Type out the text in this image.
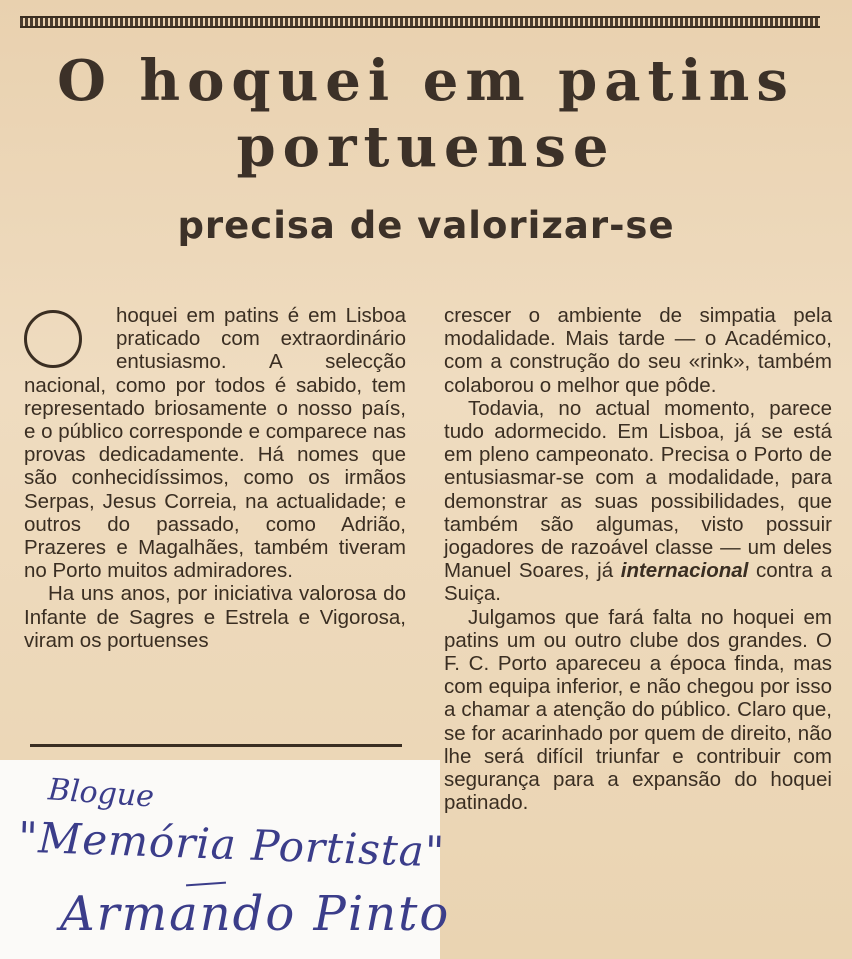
O hoquei em patins
portuense
precisa de valorizar-se

hoquei em patins é em Lisboa praticado com extraordinário entusiasmo. A selecção nacional, como por todos é sabido, tem representado briosamente o nosso país, e o público corresponde e comparece nas provas dedicadamente. Há nomes que são conhecidíssimos, como os irmãos Serpas, Jesus Correia, na actualidade; e outros do passado, como Adrião, Prazeres e Magalhães, também tiveram no Porto muitos admiradores.

Ha uns anos, por iniciativa valorosa do Infante de Sagres e Estrela e Vigorosa, viram os portuenses

crescer o ambiente de simpatia pela modalidade. Mais tarde — o Académico, com a construção do seu «rink», também colaborou o melhor que pôde.

Todavia, no actual momento, parece tudo adormecido. Em Lisboa, já se está em pleno campeonato. Precisa o Porto de entusiasmar-se com a modalidade, para demonstrar as suas possibilidades, que também são algumas, visto possuir jogadores de razoável classe — um deles Manuel Soares, já internacional contra a Suiça.

Julgamos que fará falta no hoquei em patins um ou outro clube dos grandes. O F. C. Porto apareceu a época finda, mas com equipa inferior, e não chegou por isso a chamar a atenção do público. Claro que, se for acarinhado por quem de direito, não lhe será difícil triunfar e contribuir com segurança para a expansão do hoquei patinado.

Blogue
"Memória Portista"
Armando Pinto
